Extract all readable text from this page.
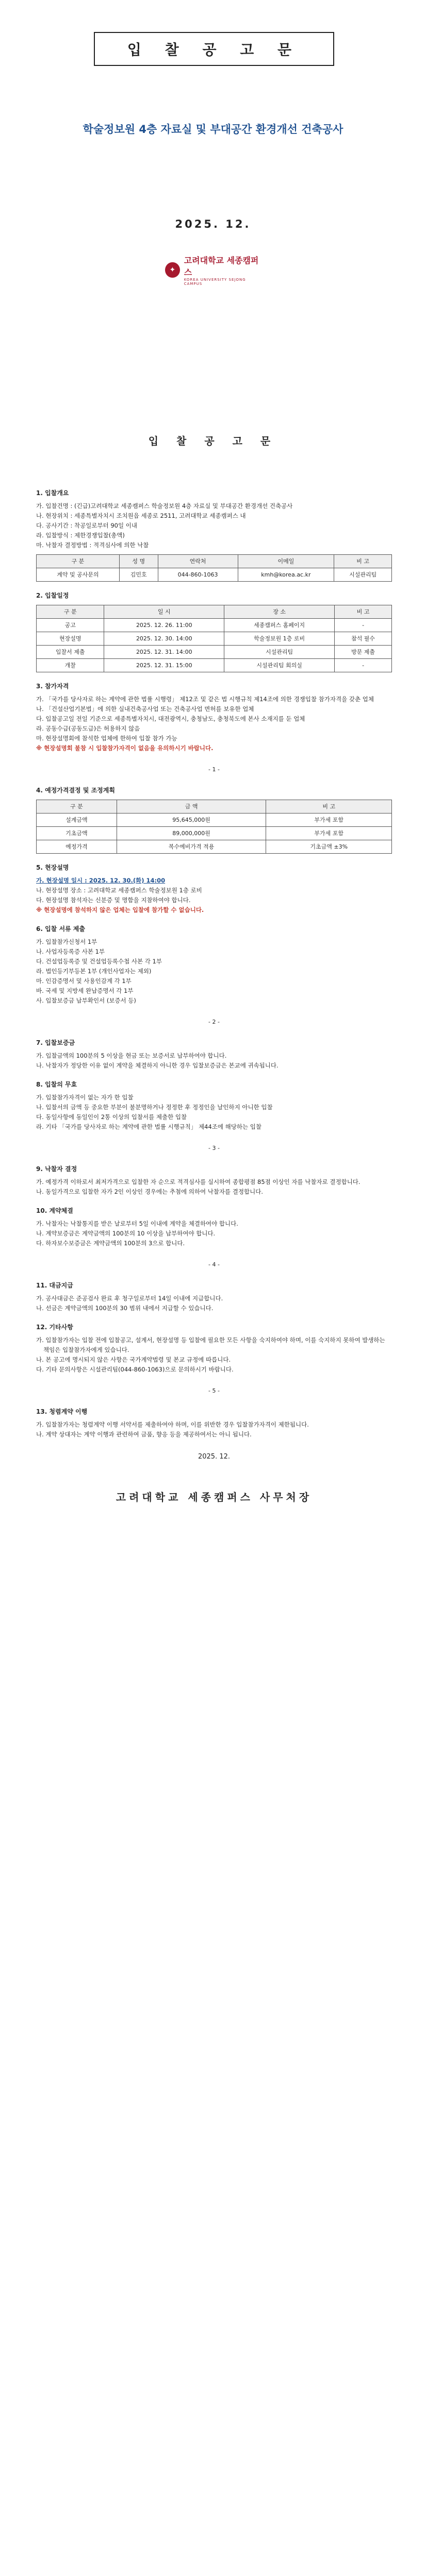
입 찰 공 고 문
학술정보원 4층 자료실 및 부대공간 환경개선 건축공사
2025. 12.
✦
고려대학교 세종캠퍼스
KOREA UNIVERSITY SEJONG CAMPUS
입 찰 공 고 문
1. 입찰개요

가. 입찰건명 : (긴급)고려대학교 세종캠퍼스 학술정보원 4층 자료실 및 부대공간 환경개선 건축공사

나. 현장위치 : 세종특별자치시 조치원읍 세종로 2511, 고려대학교 세종캠퍼스 내

다. 공사기간 : 착공일로부터 90일 이내

라. 입찰방식 : 제한경쟁입찰(총액)

마. 낙찰자 결정방법 : 적격심사에 의한 낙찰

구 분	성 명	연락처	이메일	비 고
계약 및 공사문의	김민호	044-860-1063	kmh@korea.ac.kr	시설관리팀
2. 입찰일정
구 분	일 시	장 소	비 고
공고	2025. 12. 26. 11:00	세종캠퍼스 홈페이지	-
현장설명	2025. 12. 30. 14:00	학술정보원 1층 로비	참석 필수
입찰서 제출	2025. 12. 31. 14:00	시설관리팀	방문 제출
개찰	2025. 12. 31. 15:00	시설관리팀 회의실	-
3. 참가자격

가. 「국가를 당사자로 하는 계약에 관한 법률 시행령」 제12조 및 같은 법 시행규칙 제14조에 의한 경쟁입찰 참가자격을 갖춘 업체

나. 「건설산업기본법」에 의한 실내건축공사업 또는 건축공사업 면허를 보유한 업체

다. 입찰공고일 전일 기준으로 세종특별자치시, 대전광역시, 충청남도, 충청북도에 본사 소재지를 둔 업체

라. 공동수급(공동도급)은 허용하지 않음

마. 현장설명회에 참석한 업체에 한하여 입찰 참가 가능

※ 현장설명회 불참 시 입찰참가자격이 없음을 유의하시기 바랍니다.

- 1 -
4. 예정가격결정 및 조정계획
구 분	금 액	비 고
설계금액	95,645,000원	부가세 포함
기초금액	89,000,000원	부가세 포함
예정가격	복수예비가격 적용	기초금액 ±3%
5. 현장설명

가. 현장설명 일시 : 2025. 12. 30.(화) 14:00

나. 현장설명 장소 : 고려대학교 세종캠퍼스 학술정보원 1층 로비

다. 현장설명 참석자는 신분증 및 명함을 지참하여야 합니다.

※ 현장설명에 참석하지 않은 업체는 입찰에 참가할 수 없습니다.

6. 입찰 서류 제출

가. 입찰참가신청서 1부

나. 사업자등록증 사본 1부

다. 건설업등록증 및 건설업등록수첩 사본 각 1부

라. 법인등기부등본 1부 (개인사업자는 제외)

마. 인감증명서 및 사용인감계 각 1부

바. 국세 및 지방세 완납증명서 각 1부

사. 입찰보증금 납부확인서 (보증서 등)

- 2 -
7. 입찰보증금

가. 입찰금액의 100분의 5 이상을 현금 또는 보증서로 납부하여야 합니다.

나. 낙찰자가 정당한 이유 없이 계약을 체결하지 아니한 경우 입찰보증금은 본교에 귀속됩니다.

8. 입찰의 무효

가. 입찰참가자격이 없는 자가 한 입찰

나. 입찰서의 금액 등 중요한 부분이 불분명하거나 정정한 후 정정인을 날인하지 아니한 입찰

다. 동일사항에 동일인이 2통 이상의 입찰서를 제출한 입찰

라. 기타 「국가를 당사자로 하는 계약에 관한 법률 시행규칙」 제44조에 해당하는 입찰

- 3 -
9. 낙찰자 결정

가. 예정가격 이하로서 최저가격으로 입찰한 자 순으로 적격심사를 실시하여 종합평점 85점 이상인 자를 낙찰자로 결정합니다.

나. 동일가격으로 입찰한 자가 2인 이상인 경우에는 추첨에 의하여 낙찰자를 결정합니다.

10. 계약체결

가. 낙찰자는 낙찰통지를 받은 날로부터 5일 이내에 계약을 체결하여야 합니다.

나. 계약보증금은 계약금액의 100분의 10 이상을 납부하여야 합니다.

다. 하자보수보증금은 계약금액의 100분의 3으로 합니다.

- 4 -
11. 대금지급

가. 공사대금은 준공검사 완료 후 청구일로부터 14일 이내에 지급합니다.

나. 선금은 계약금액의 100분의 30 범위 내에서 지급할 수 있습니다.

12. 기타사항

가. 입찰참가자는 입찰 전에 입찰공고, 설계서, 현장설명 등 입찰에 필요한 모든 사항을 숙지하여야 하며, 이를 숙지하지 못하여 발생하는 책임은 입찰참가자에게 있습니다.

나. 본 공고에 명시되지 않은 사항은 국가계약법령 및 본교 규정에 따릅니다.

다. 기타 문의사항은 시설관리팀(044-860-1063)으로 문의하시기 바랍니다.

- 5 -
13. 청렴계약 이행

가. 입찰참가자는 청렴계약 이행 서약서를 제출하여야 하며, 이를 위반한 경우 입찰참가자격이 제한됩니다.

나. 계약 상대자는 계약 이행과 관련하여 금품, 향응 등을 제공하여서는 아니 됩니다.

2025. 12.
고려대학교 세종캠퍼스 사무처장
